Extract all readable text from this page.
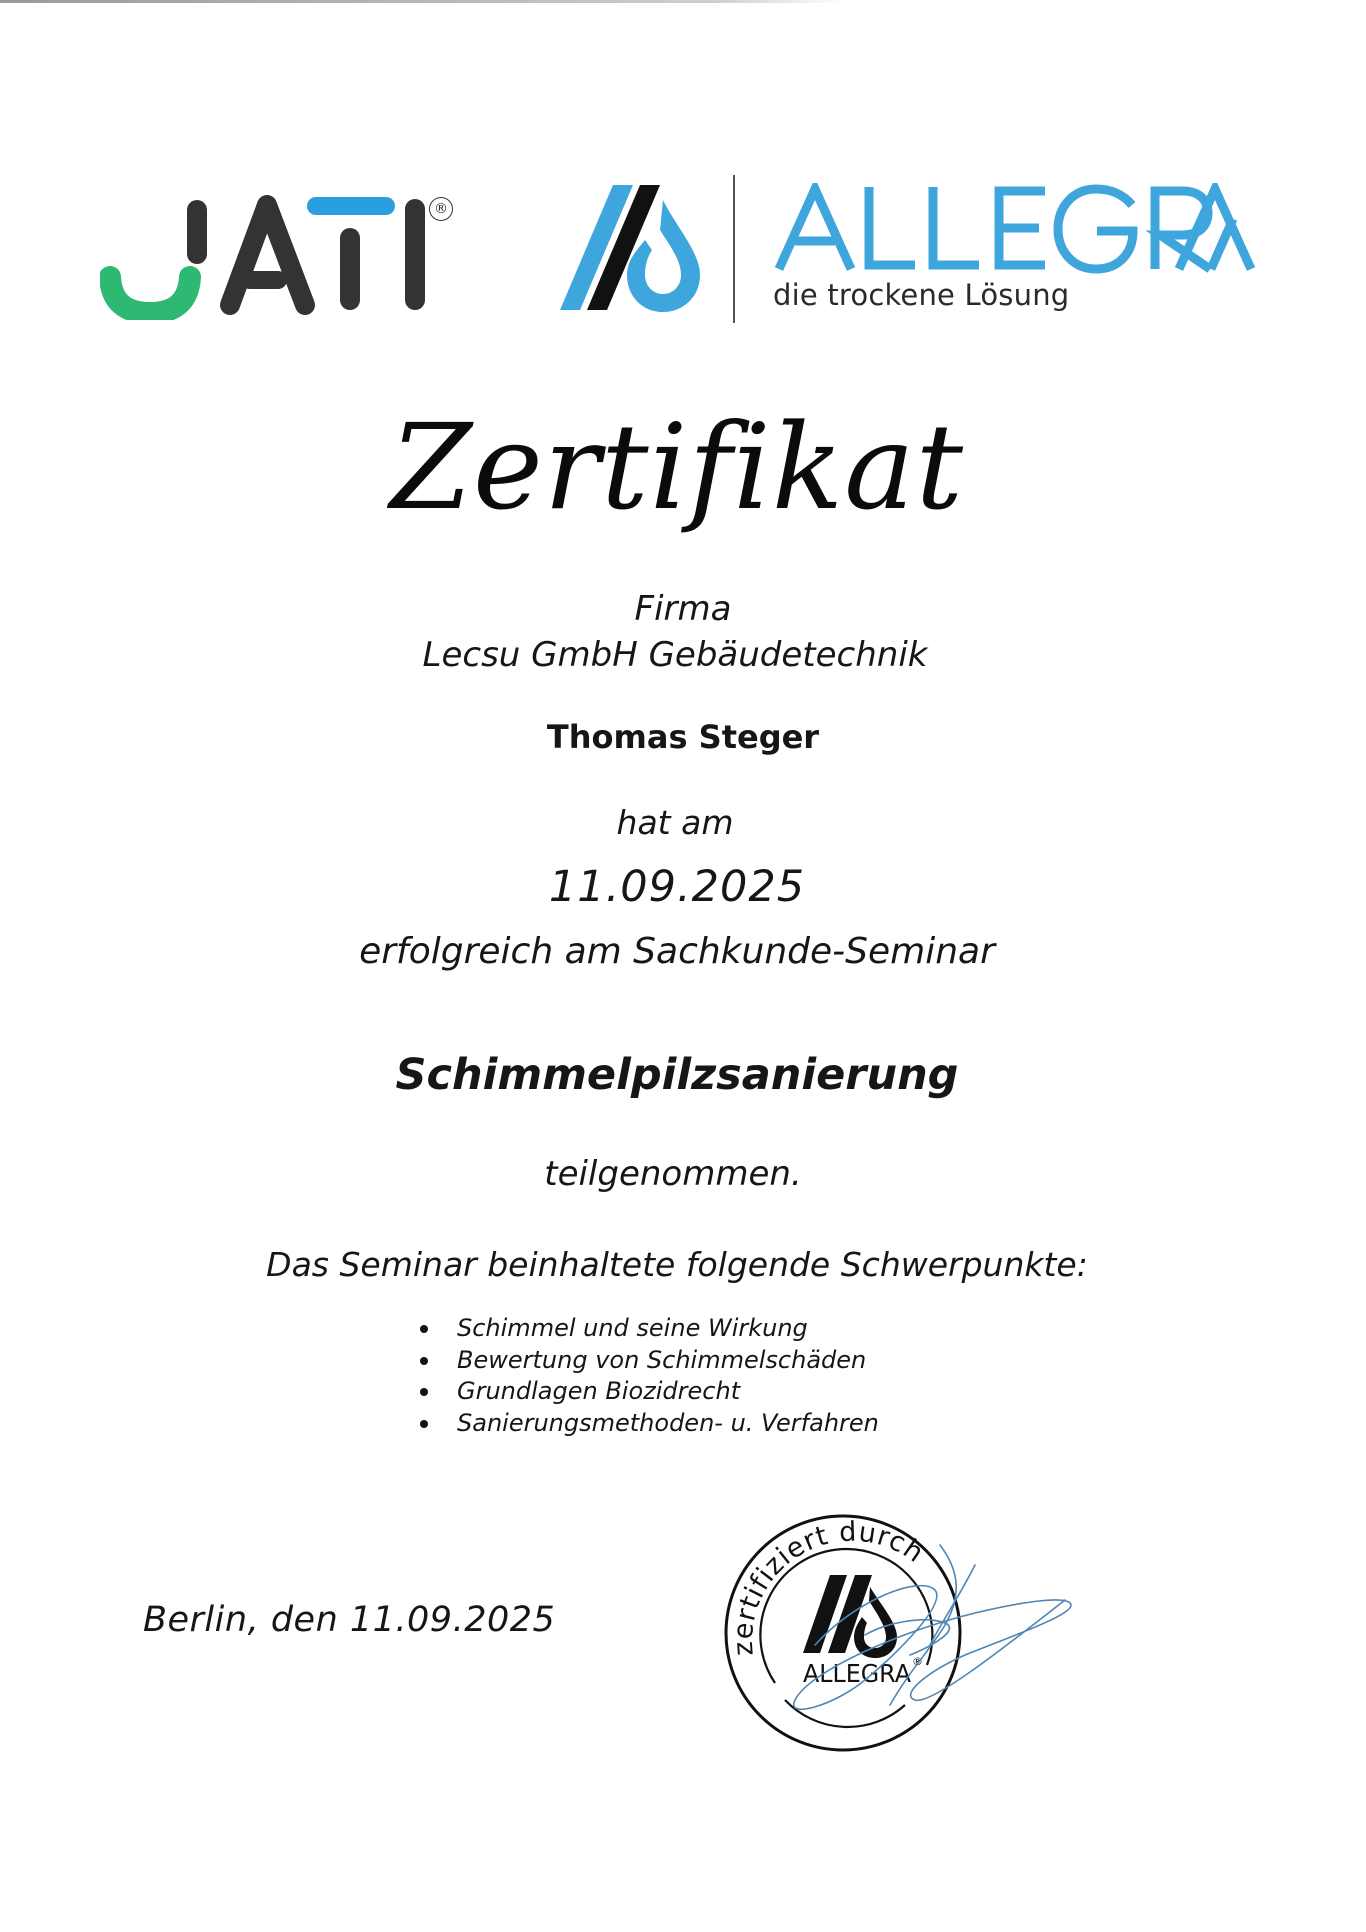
®
die trockene Lösung
Zertifikat
Firma
Lecsu GmbH Gebäudetechnik
Thomas Steger
hat am
11.09.2025
erfolgreich am Sachkunde-Seminar
Schimmelpilzsanierung
teilgenommen.
Das Seminar beinhaltete folgende Schwerpunkte:
Schimmel und seine Wirkung
Bewertung von Schimmelschäden
Grundlagen Biozidrecht
Sanierungsmethoden- u. Verfahren
Berlin, den 11.09.2025
zertifiziert durch
ALLEGRA ®
